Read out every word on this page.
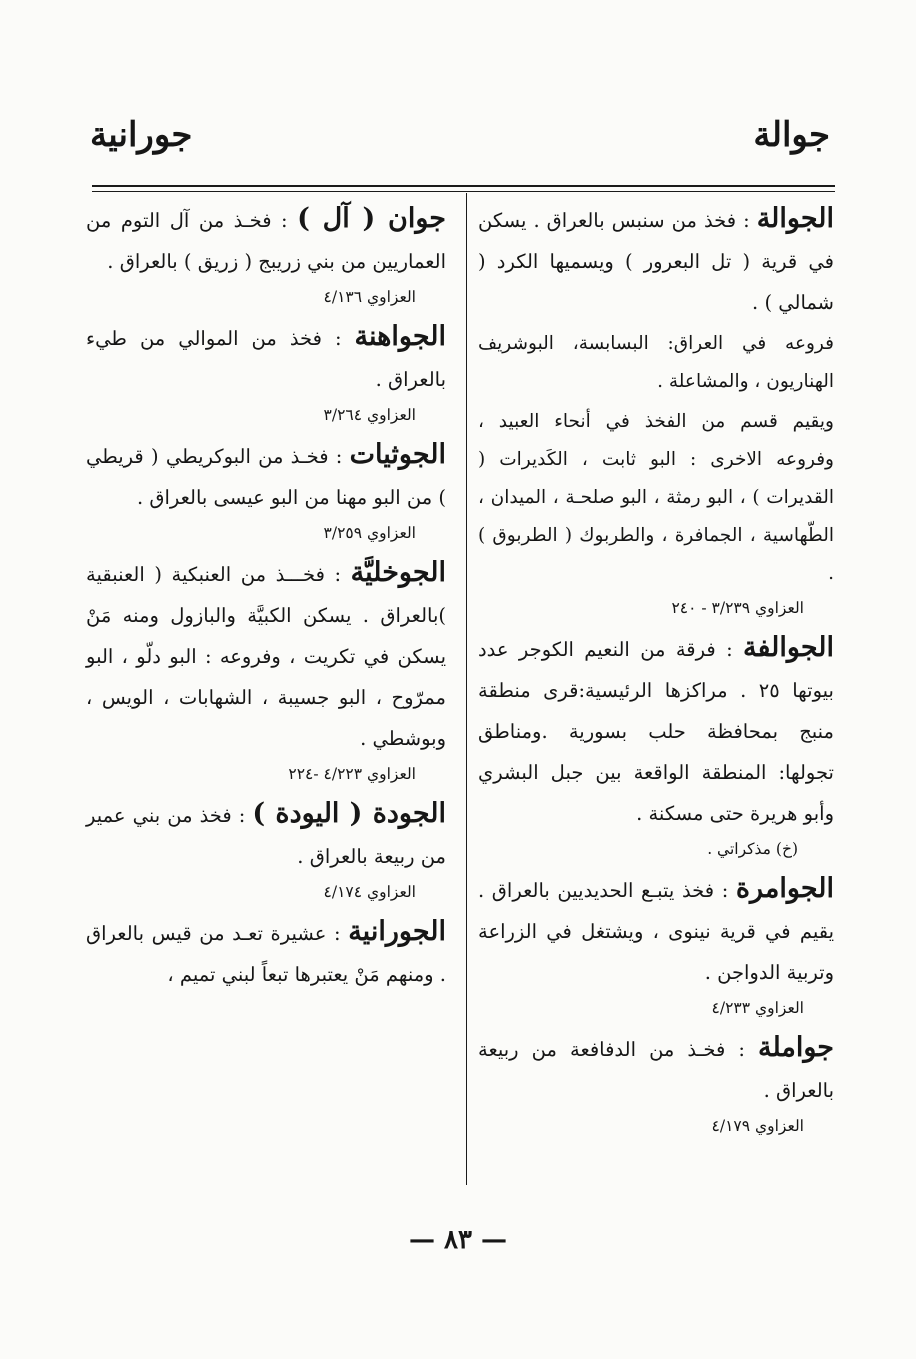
جوالة
جورانية

الجوالة : فخذ من سنبس بالعراق . يسكن في قرية ( تل البعرور ) ويسميها الكرد ( شمالي ) .

فروعه في العراق: البسابسة، البوشريف الهناريون ، والمشاعلة .

ويقيم قسم من الفخذ في أنحاء العبيد ، وفروعه الاخرى : البو ثابت ، الكَديرات ( القديرات ) ، البو رمثة ، البو صلحـة ، الميدان ، الطّهاسية ، الجمافرة ، والطربوك ( الطربوق ) .

العزاوي ٣/٢٣٩ - ٢٤٠

الجوالفة : فرقة من النعيم الكوجر عدد بيوتها ٢٥ . مراكزها الرئيسية:قرى منطقة منبج بمحافظة حلب بسورية .ومناطق تجولها: المنطقة الواقعة بين جبل البشري وأبو هريرة حتى مسكنة .

(خ) مذكراتي .

الجوامرة : فخذ يتبـع الحديديين بالعراق . يقيم في قرية نينوى ، ويشتغل في الزراعة وتربية الدواجن .

العزاوي ٤/٢٣٣

جواملة : فخـذ من الدفافعة من ربيعة بالعراق .

العزاوي ٤/١٧٩

جوان ( آل ) : فخـذ من آل التوم من العماريين من بني زريبج ( زريق ) بالعراق .

العزاوي ٤/١٣٦

الجواهنة : فخذ من الموالي من طيء بالعراق .

العزاوي ٣/٢٦٤

الجوثيات : فخـذ من البوكريطي ( قريطي ) من البو مهنا من البو عيسى بالعراق .

العزاوي ٣/٢٥٩

الجوخليَّة : فخـــذ من العنبكية ( العنبقية )بالعراق . يسكن الكبيَّة والبازول ومنه مَنْ يسكن في تكريت ، وفروعه : البو دلّو ، البو ممرّوح ، البو جسيبة ، الشهابات ، الويس ، وبوشطي .

العزاوي ٤/٢٢٣ -٢٢٤

الجودة ( اليودة ) : فخذ من بني عمير من ربيعة بالعراق .

العزاوي ٤/١٧٤

الجورانية : عشيرة تعـد من قيس بالعراق . ومنهم مَنْ يعتبرها تبعاً لبني تميم ،

— ٨٣ —
